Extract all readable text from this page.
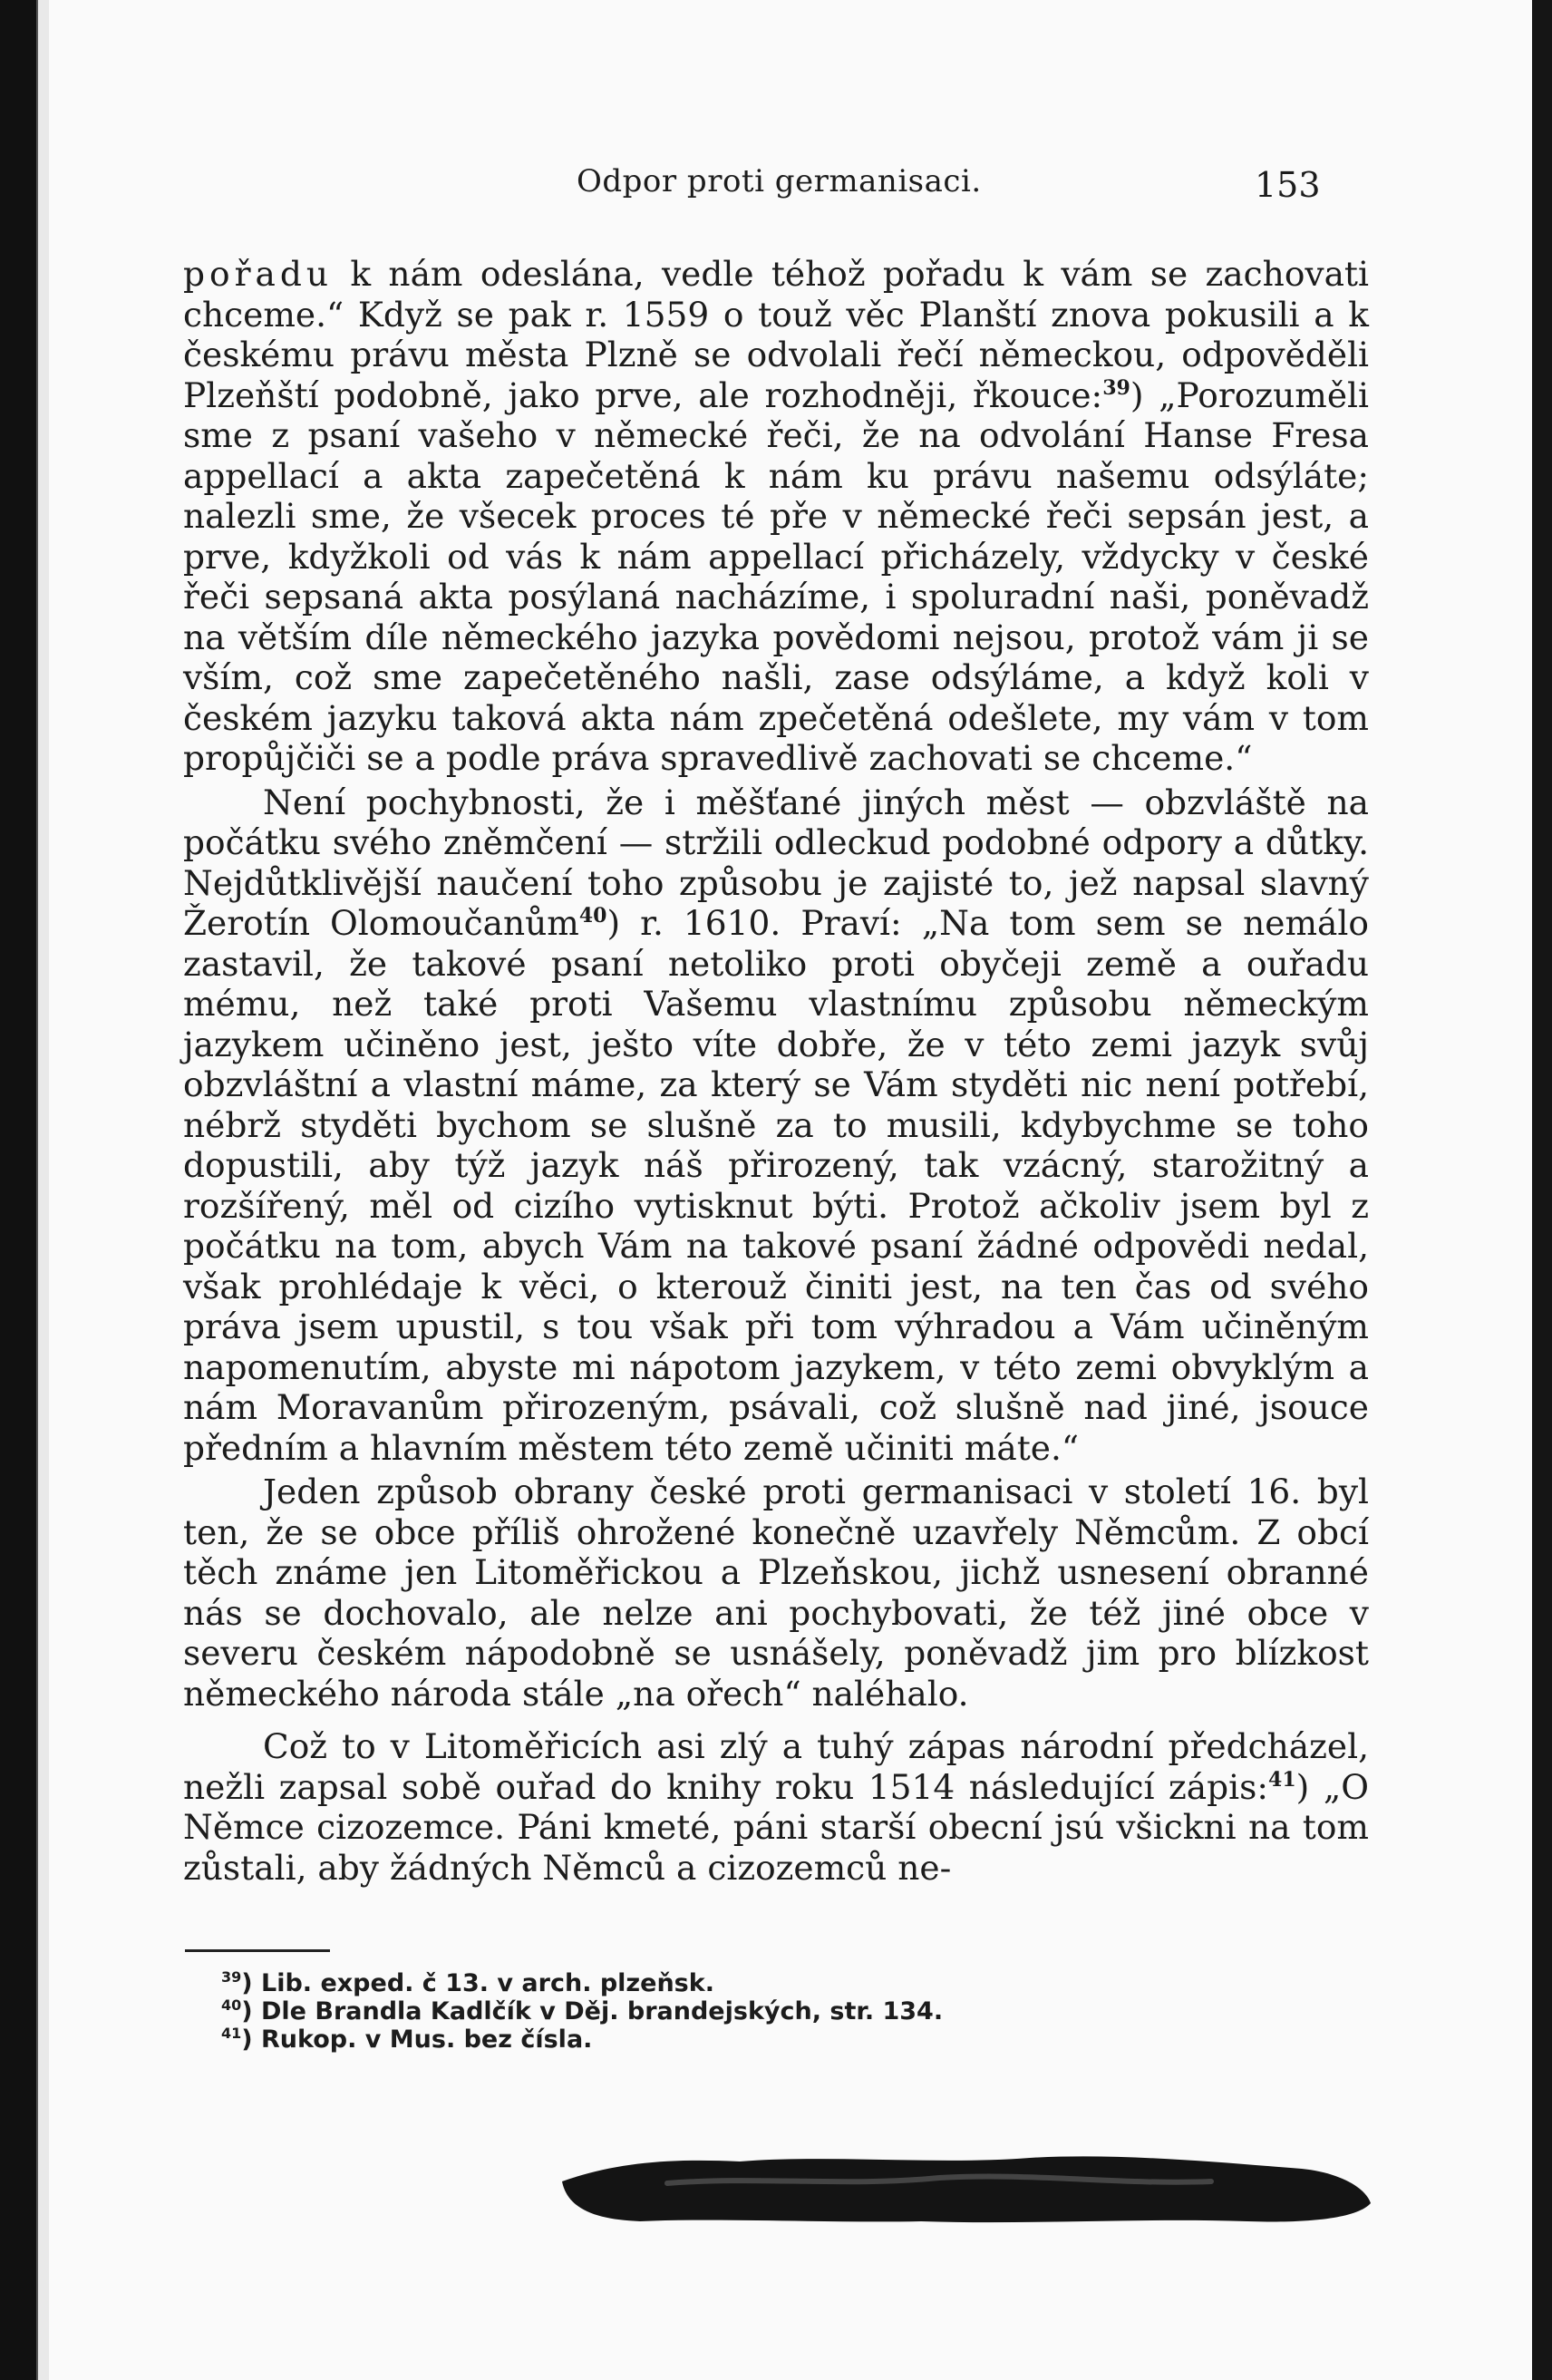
Odpor proti germanisaci.	153

pořadu k nám odeslána, vedle téhož pořadu k vám se zachovati chceme.“ Když se pak r. 1559 o touž věc Planští znova pokusili a k českému právu města Plzně se odvolali řečí německou, odpověděli Plzeňští podobně, jako prve, ale rozhodněji, řkouce:$^{39}$) „Porozuměli sme z psaní vašeho v německé řeči, že na odvolání Hanse Fresa appellací a akta zapečetěná k nám ku právu našemu odsýláte; nalezli sme, že všecek proces té pře v německé řeči sepsán jest, a prve, kdyžkoli od vás k nám appellací přicházely, vždycky v české řeči sepsaná akta posýlaná nacházíme, i spoluradní naši, poněvadž na větším díle německého jazyka povědomi nejsou, protož vám ji se vším, což sme zapečetěného našli, zase odsýláme, a když koli v českém jazyku taková akta nám zpečetěná odešlete, my vám v tom propůjčiči se a podle práva spravedlivě zachovati se chceme.“

Není pochybnosti, že i měšťané jiných měst — obzvláště na počátku svého zněmčení — stržili odleckud podobné odpory a důtky. Nejdůtklivější naučení toho způsobu je zajisté to, jež napsal slavný Žerotín Olomoučanům$^{40}$) r. 1610. Praví: „Na tom sem se nemálo zastavil, že takové psaní netoliko proti obyčeji země a ouřadu mému, než také proti Vašemu vlastnímu způsobu německým jazykem učiněno jest, ješto víte dobře, že v této zemi jazyk svůj obzvláštní a vlastní máme, za který se Vám styděti nic není potřebí, nébrž styděti bychom se slušně za to musili, kdybychme se toho dopustili, aby týž jazyk náš přirozený, tak vzácný, starožitný a rozšířený, měl od cizího vytisknut býti. Protož ačkoliv jsem byl z počátku na tom, abych Vám na takové psaní žádné odpovědi nedal, však prohlédaje k věci, o kterouž činiti jest, na ten čas od svého práva jsem upustil, s tou však při tom výhradou a Vám učiněným napomenutím, abyste mi nápotom jazykem, v této zemi obvyklým a nám Moravanům přirozeným, psávali, což slušně nad jiné, jsouce předním a hlavním městem této země učiniti máte.“

Jeden způsob obrany české proti germanisaci v století 16. byl ten, že se obce příliš ohrožené konečně uzavřely Němcům. Z obcí těch známe jen Litoměřickou a Plzeňskou, jichž usnesení obranné nás se dochovalo, ale nelze ani pochybovati, že též jiné obce v severu českém nápodobně se usnášely, poněvadž jim pro blízkost německého národa stále „na ořech“ naléhalo.

Což to v Litoměřicích asi zlý a tuhý zápas národní předcházel, nežli zapsal sobě ouřad do knihy roku 1514 následující zápis:$^{41}$) „O Němce cizozemce. Páni kmeté, páni starší obecní jsú všickni na tom zůstali, aby žádných Němců a cizozemců ne-

$^{39}$) Lib. exped. č 13. v arch. plzeňsk.
$^{40}$) Dle Brandla Kadlčík v Děj. brandejských, str. 134.
$^{41}$) Rukop. v Mus. bez čísla.
